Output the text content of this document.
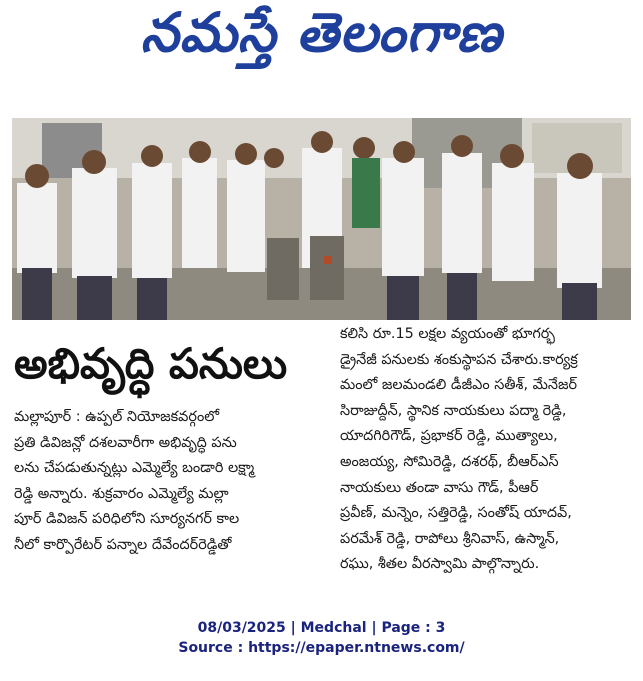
నమస్తే తెలంగాణ
అభివృద్ధి పనులు
మల్లాపూర్ : ఉప్పల్ నియోజకవర్గంలో
ప్రతి డివిజన్లో దశలవారీగా అభివృద్ధి పను
లను చేపడుతున్నట్లు ఎమ్మెల్యే బండారి లక్ష్మా
రెడ్డి అన్నారు. శుక్రవారం ఎమ్మెల్యే మల్లా
పూర్ డివిజన్ పరిధిలోని సూర్యనగర్ కాల
నీలో కార్పొరేటర్ పన్నాల దేవేందర్‌రెడ్డితో
కలిసి రూ.15 లక్షల వ్యయంతో భూగర్భ
డ్రైనేజీ పనులకు శంకుస్థాపన చేశారు.కార్యక్ర
మంలో జలమండలి డీజీఎం సతీశ్, మేనేజర్
సిరాజుద్దీన్, స్థానిక నాయకులు పద్మా రెడ్డి,
యాదగిరిగౌడ్, ప్రభాకర్ రెడ్డి, ముత్యాలు,
అంజయ్య, సోమిరెడ్డి, దశరథ్, బీఆర్ఎస్
నాయకులు తండా వాసు గౌడ్, పీఆర్
ప్రవీణ్, మన్నెం, సత్తిరెడ్డి, సంతోష్ యాదవ్,
పరమేశ్ రెడ్డి, రాపోలు శ్రీనివాస్, ఉస్మాన్,
రఘు, శీతల వీరస్వామి పాల్గొన్నారు.
08/03/2025 | Medchal | Page : 3
Source : https://epaper.ntnews.com/
